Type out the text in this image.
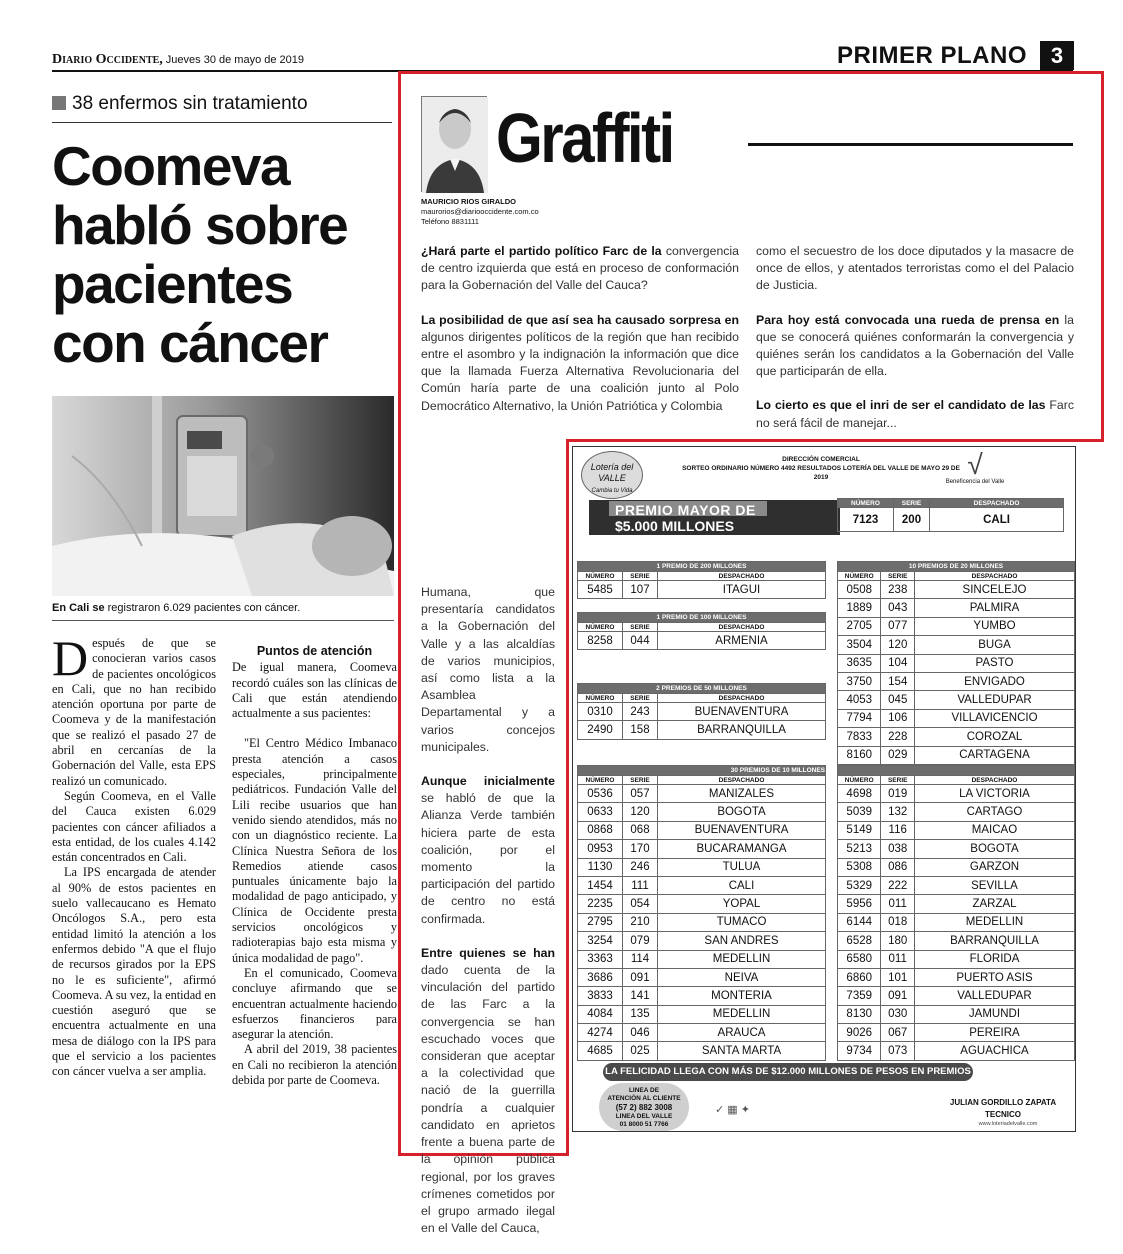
Diario Occidente, Jueves 30 de mayo de 2019	PRIMER PLANO	3
38 enfermos sin tratamiento
Coomeva habló sobre pacientes con cáncer
En Cali se registraron 6.029 pacientes con cáncer.

Después de que se conocieran varios casos de pacientes oncológicos en Cali, que no han recibido atención oportuna por parte de Coomeva y de la manifestación que se realizó el pasado 27 de abril en cercanías de la Gobernación del Valle, esta EPS realizó un comunicado.

Según Coomeva, en el Valle del Cauca existen 6.029 pacientes con cáncer afiliados a esta entidad, de los cuales 4.142 están concentrados en Cali.

La IPS encargada de atender al 90% de estos pacientes en suelo vallecaucano es Hemato Oncólogos S.A., pero esta entidad limitó la atención a los enfermos debido "A que el flujo de recursos girados por la EPS no le es suficiente", afirmó Coomeva. A su vez, la entidad en cuestión aseguró que se encuentra actualmente en una mesa de diálogo con la IPS para que el servicio a los pacientes con cáncer vuelva a ser amplia.

Puntos de atención

De igual manera, Coomeva recordó cuáles son las clínicas de Cali que están atendiendo actualmente a sus pacientes:

"El Centro Médico Imbanaco presta atención a casos especiales, principalmente pediátricos. Fundación Valle del Lili recibe usuarios que han venido siendo atendidos, más no con un diagnóstico reciente. La Clínica Nuestra Señora de los Remedios atiende casos puntuales únicamente bajo la modalidad de pago anticipado, y Clínica de Occidente presta servicios oncológicos y radioterapias bajo esta misma y única modalidad de pago".

En el comunicado, Coomeva concluye afirmando que se encuentran actualmente haciendo esfuerzos financieros para asegurar la atención.

A abril del 2019, 38 pacientes en Cali no recibieron la atención debida por parte de Coomeva.

MAURICIO RIOS GIRALDO
maurorios@diariooccidente.com.co
Teléfono 8831111
Graffiti

¿Hará parte el partido político Farc de la convergencia de centro izquierda que está en proceso de conformación para la Gobernación del Valle del Cauca?

La posibilidad de que así sea ha causado sorpresa en algunos dirigentes políticos de la región que han recibido entre el asombro y la indignación la información que dice que la llamada Fuerza Alternativa Revolucionaria del Común haría parte de una coalición junto al Polo Democrático Alternativo, la Unión Patriótica y Colombia

Humana, que presentaría candidatos a la Gobernación del Valle y a las alcaldías de varios municipios, así como lista a la Asamblea Departamental y a varios concejos municipales.

Aunque inicialmente se habló de que la Alianza Verde también hiciera parte de esta coalición, por el momento la participación del partido de centro no está confirmada.

Entre quienes se han dado cuenta de la vinculación del partido de las Farc a la convergencia se han escuchado voces que consideran que aceptar a la colectividad que nació de la guerrilla pondría a cualquier candidato en aprietos frente a buena parte de la opinión pública regional, por los graves crímenes cometidos por el grupo armado ilegal en el Valle del Cauca,

como el secuestro de los doce diputados y la masacre de once de ellos, y atentados terroristas como el del Palacio de Justicia.

Para hoy está convocada una rueda de prensa en la que se conocerá quiénes conformarán la convergencia y quiénes serán los candidatos a la Gobernación del Valle que participarán de ella.

Lo cierto es que el inri de ser el candidato de las Farc no será fácil de manejar...

Lotería del VALLE
Cambia tu Vida
DIRECCIÓN COMERCIAL
SORTEO ORDINARIO NÚMERO 4492 RESULTADOS LOTERÍA DEL VALLE DE MAYO 29 DE 2019	√
Beneficencia del Valle
PREMIO MAYOR DE
$5.000 MILLONES
NÚMERO	SERIE	DESPACHADO
7123	200	CALI
1 PREMIO DE 200 MILLONES		
NÚMERO	SERIE	DESPACHADO
5485	107	ITAGUI
1 PREMIO DE 100 MILLONES		
NÚMERO	SERIE	DESPACHADO
8258	044	ARMENIA
2 PREMIOS DE 50 MILLONES		
NÚMERO	SERIE	DESPACHADO
0310	243	BUENAVENTURA
2490	158	BARRANQUILLA
10 PREMIOS DE 20 MILLONES		
NÚMERO	SERIE	DESPACHADO
0508	238	SINCELEJO
1889	043	PALMIRA
2705	077	YUMBO
3504	120	BUGA
3635	104	PASTO
3750	154	ENVIGADO
4053	045	VALLEDUPAR
7794	106	VILLAVICENCIO
7833	228	COROZAL
8160	029	CARTAGENA
30 PREMIOS DE 10 MILLONES		
NÚMERO	SERIE	DESPACHADO
0536	057	MANIZALES
0633	120	BOGOTA
0868	068	BUENAVENTURA
0953	170	BUCARAMANGA
1130	246	TULUA
1454	111	CALI
2235	054	YOPAL
2795	210	TUMACO
3254	079	SAN ANDRES
3363	114	MEDELLIN
3686	091	NEIVA
3833	141	MONTERIA
4084	135	MEDELLIN
4274	046	ARAUCA
4685	025	SANTA MARTA

NÚMERO	SERIE	DESPACHADO
4698	019	LA VICTORIA
5039	132	CARTAGO
5149	116	MAICAO
5213	038	BOGOTA
5308	086	GARZON
5329	222	SEVILLA
5956	011	ZARZAL
6144	018	MEDELLIN
6528	180	BARRANQUILLA
6580	011	FLORIDA
6860	101	PUERTO ASIS
7359	091	VALLEDUPAR
8130	030	JAMUNDI
9026	067	PEREIRA
9734	073	AGUACHICA
LA FELICIDAD LLEGA CON MÁS DE $12.000 MILLONES DE PESOS EN PREMIOS
LINEA DE
ATENCIÓN AL CLIENTE
(57 2) 882 3008
LINEA DEL VALLE
01 8000 51 7766
✓ ▦ ✦
JULIAN GORDILLO ZAPATA
TECNICO
www.loteriadelvalle.com
